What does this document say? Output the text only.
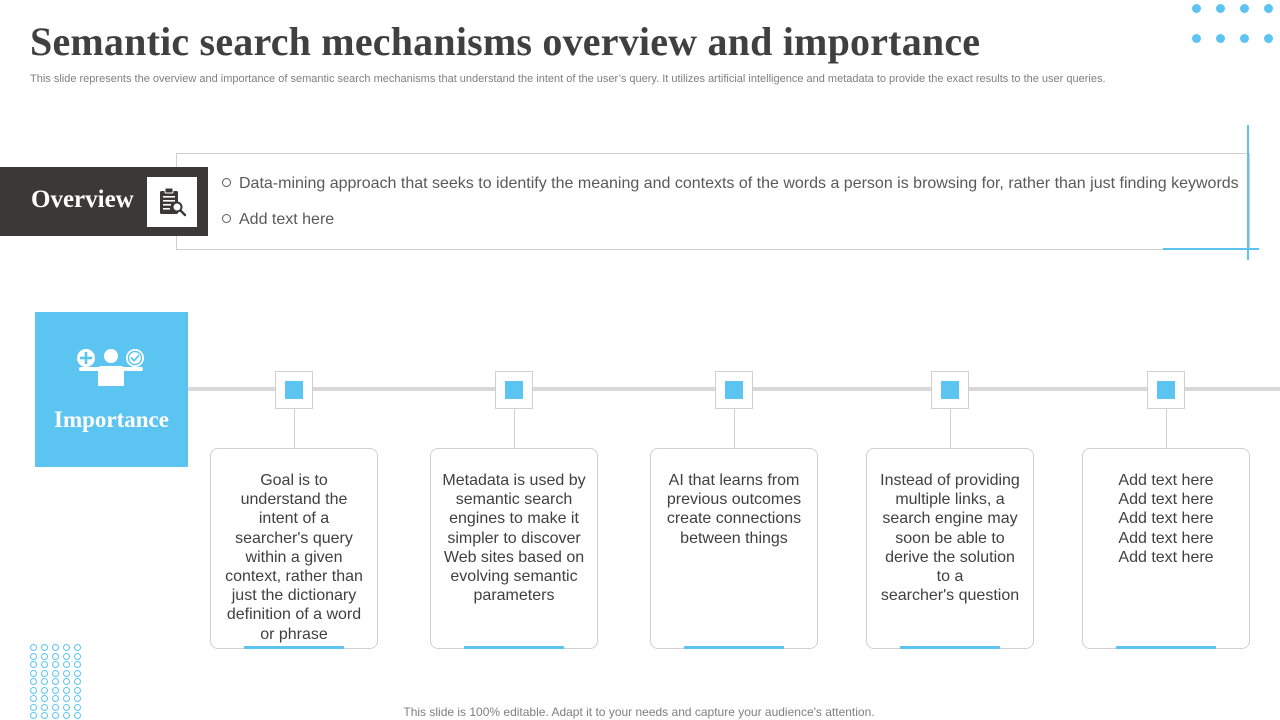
Semantic search mechanisms overview and importance

This slide represents the overview and importance of semantic search mechanisms that understand the intent of the user’s query. It utilizes artificial intelligence and metadata to provide the exact results to the user queries.

Overview
Data-mining approach that seeks to identify the meaning and contexts of the words a person is browsing for, rather than just finding keywords
Add text here
Importance
Goal is to
understand the
intent of a
searcher's query
within a given
context, rather than
just the dictionary
definition of a word
or phrase
Metadata is used by
semantic search
engines to make it
simpler to discover
Web sites based on
evolving semantic
parameters
AI that learns from
previous outcomes
create connections
between things
Instead of providing
multiple links, a
search engine may
soon be able to
derive the solution
to a
searcher's question
Add text here
Add text here
Add text here
Add text here
Add text here
This slide is 100% editable. Adapt it to your needs and capture your audience's attention.
